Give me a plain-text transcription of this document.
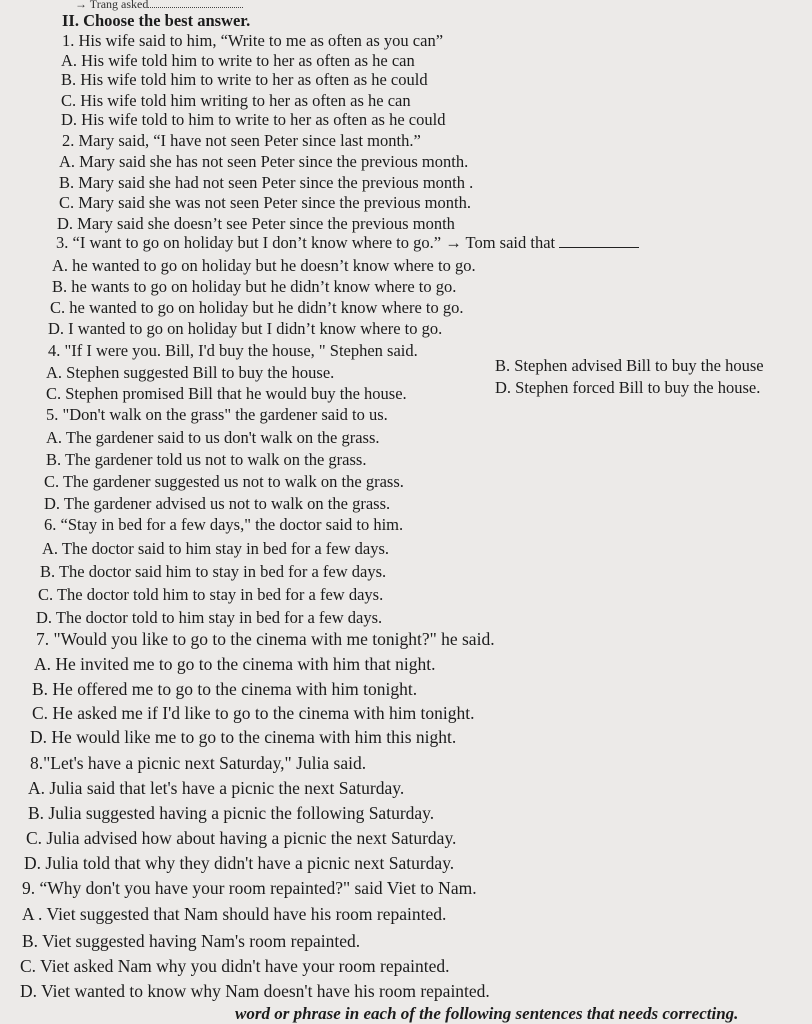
→ Trang asked
II. Choose the best answer.
1. His wife said to him, “Write to me as often as you can”
A. His wife told him to write to her as often as he can
B. His wife told him to write to her as often as he could
C. His wife told him writing to her as often as he can
D. His wife told to him to write to her as often as he could
2. Mary said, “I have not seen Peter since last month.”
A. Mary said she has not seen Peter since the previous month.
B. Mary said she had not seen Peter since the previous month .
C. Mary said she was not seen Peter since the previous month.
D. Mary said she doesn’t see Peter since the previous month
3. “I want to go on holiday but I don’t know where to go.” → Tom said that
A. he wanted to go on holiday but he doesn’t know where to go.
B. he wants to go on holiday but he didn’t know where to go.
C. he wanted to go on holiday but he didn’t know where to go.
D. I wanted to go on holiday but I didn’t know where to go.
4. "If I were you. Bill, I'd buy the house, " Stephen said.
A. Stephen suggested Bill to buy the house.	B. Stephen advised Bill to buy the house
C. Stephen promised Bill that he would buy the house.	D. Stephen forced Bill to buy the house.
5. "Don't walk on the grass" the gardener said to us.
A. The gardener said to us don't walk on the grass.
B. The gardener told us not to walk on the grass.
C. The gardener suggested us not to walk on the grass.
D. The gardener advised us not to walk on the grass.
6. “Stay in bed for a few days," the doctor said to him.
A. The doctor said to him stay in bed for a few days.
B. The doctor said him to stay in bed for a few days.
C. The doctor told him to stay in bed for a few days.
D. The doctor told to him stay in bed for a few days.
7. "Would you like to go to the cinema with me tonight?" he said.
A. He invited me to go to the cinema with him that night.
B. He offered me to go to the cinema with him tonight.
C. He asked me if I'd like to go to the cinema with him tonight.
D. He would like me to go to the cinema with him this night.
8."Let's have a picnic next Saturday," Julia said.
A. Julia said that let's have a picnic the next Saturday.
B. Julia suggested having a picnic the following Saturday.
C. Julia advised how about having a picnic the next Saturday.
D. Julia told that why they didn't have a picnic next Saturday.
9. “Why don't you have your room repainted?" said Viet to Nam.
A . Viet suggested that Nam should have his room repainted.
B. Viet suggested having Nam's room repainted.
C. Viet asked Nam why you didn't have your room repainted.
D. Viet wanted to know why Nam doesn't have his room repainted.
word or phrase in each of the following sentences that needs correcting.
